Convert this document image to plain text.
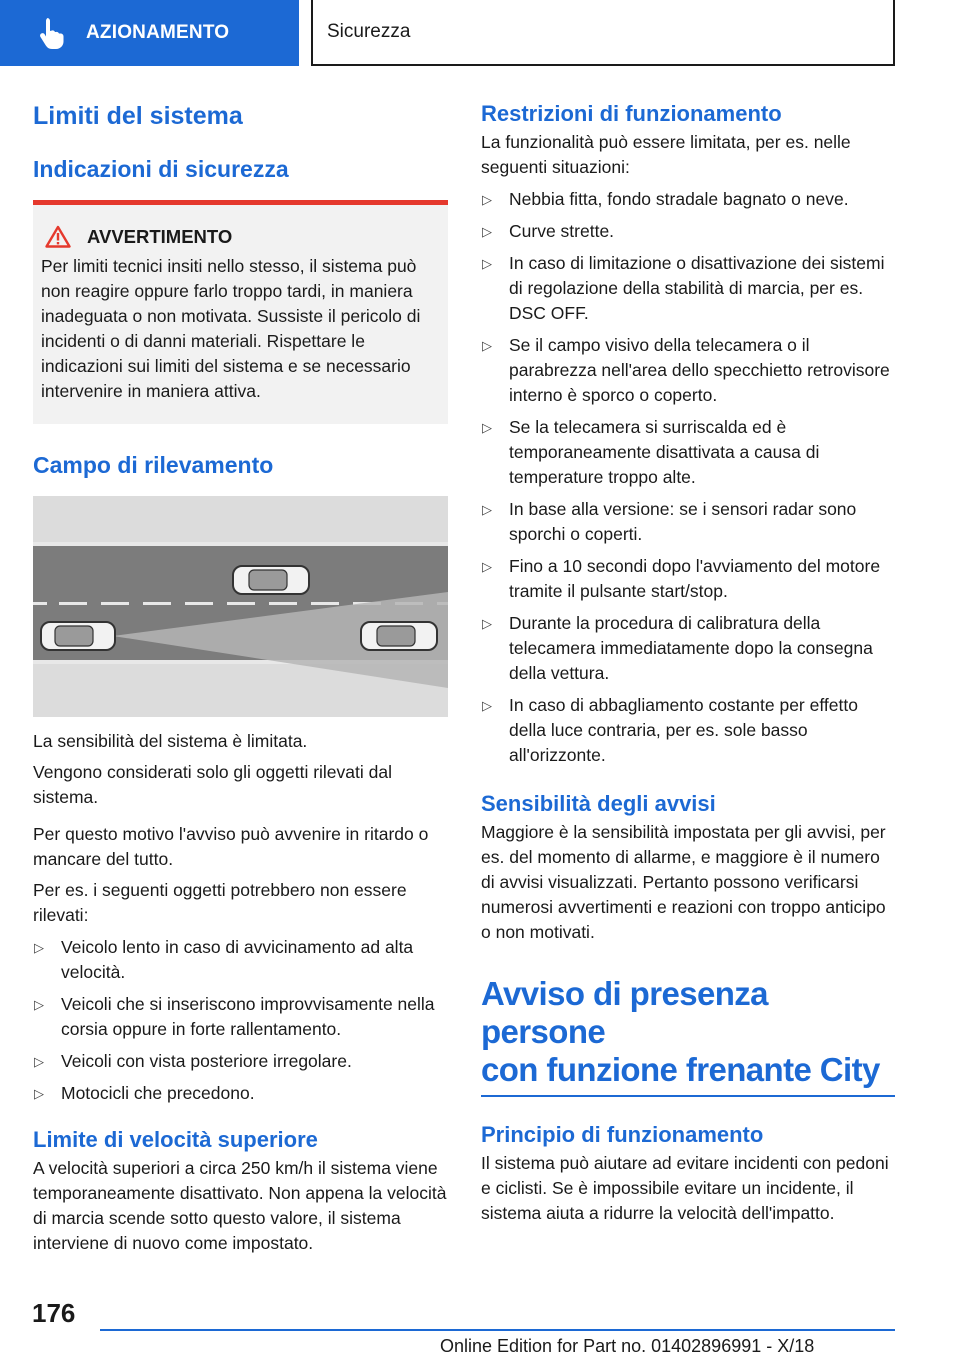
AZIONAMENTO	Sicurezza
Limiti del sistema
Indicazioni di sicurezza
AVVERTIMENTO
Per limiti tecnici insiti nello stesso, il sistema può non reagire oppure farlo troppo tardi, in maniera inadeguata o non motivata. Sussiste il pericolo di incidenti o di danni materiali. Rispettare le indicazioni sui limiti del sistema e se necessario intervenire in maniera attiva.
Campo di rilevamento
La sensibilità del sistema è limitata.
Vengono considerati solo gli oggetti rilevati dal sistema.
Per questo motivo l'avviso può avvenire in ritardo o mancare del tutto.
Per es. i seguenti oggetti potrebbero non essere rilevati:
▷ Veicolo lento in caso di avvicinamento ad alta velocità.
▷ Veicoli che si inseriscono improvvisamente nella corsia oppure in forte rallentamento.
▷ Veicoli con vista posteriore irregolare.
▷ Motocicli che precedono.
Limite di velocità superiore
A velocità superiori a circa 250 km/h il sistema viene temporaneamente disattivato. Non appena la velocità di marcia scende sotto questo valore, il sistema interviene di nuovo come impostato.
Restrizioni di funzionamento
La funzionalità può essere limitata, per es. nelle seguenti situazioni:
▷ Nebbia fitta, fondo stradale bagnato o neve.
▷ Curve strette.
▷ In caso di limitazione o disattivazione dei sistemi di regolazione della stabilità di marcia, per es. DSC OFF.
▷ Se il campo visivo della telecamera o il parabrezza nell'area dello specchietto retrovisore interno è sporco o coperto.
▷ Se la telecamera si surriscalda ed è temporaneamente disattivata a causa di temperature troppo alte.
▷ In base alla versione: se i sensori radar sono sporchi o coperti.
▷ Fino a 10 secondi dopo l'avviamento del motore tramite il pulsante start/stop.
▷ Durante la procedura di calibratura della telecamera immediatamente dopo la consegna della vettura.
▷ In caso di abbagliamento costante per effetto della luce contraria, per es. sole basso all'orizzonte.
Sensibilità degli avvisi
Maggiore è la sensibilità impostata per gli avvisi, per es. del momento di allarme, e maggiore è il numero di avvisi visualizzati. Pertanto possono verificarsi numerosi avvertimenti e reazioni con troppo anticipo o non motivati.
Avviso di presenza persone
con funzione frenante City
Principio di funzionamento
Il sistema può aiutare ad evitare incidenti con pedoni e ciclisti. Se è impossibile evitare un incidente, il sistema aiuta a ridurre la velocità dell'impatto.
176
Online Edition for Part no. 01402896991 - X/18
